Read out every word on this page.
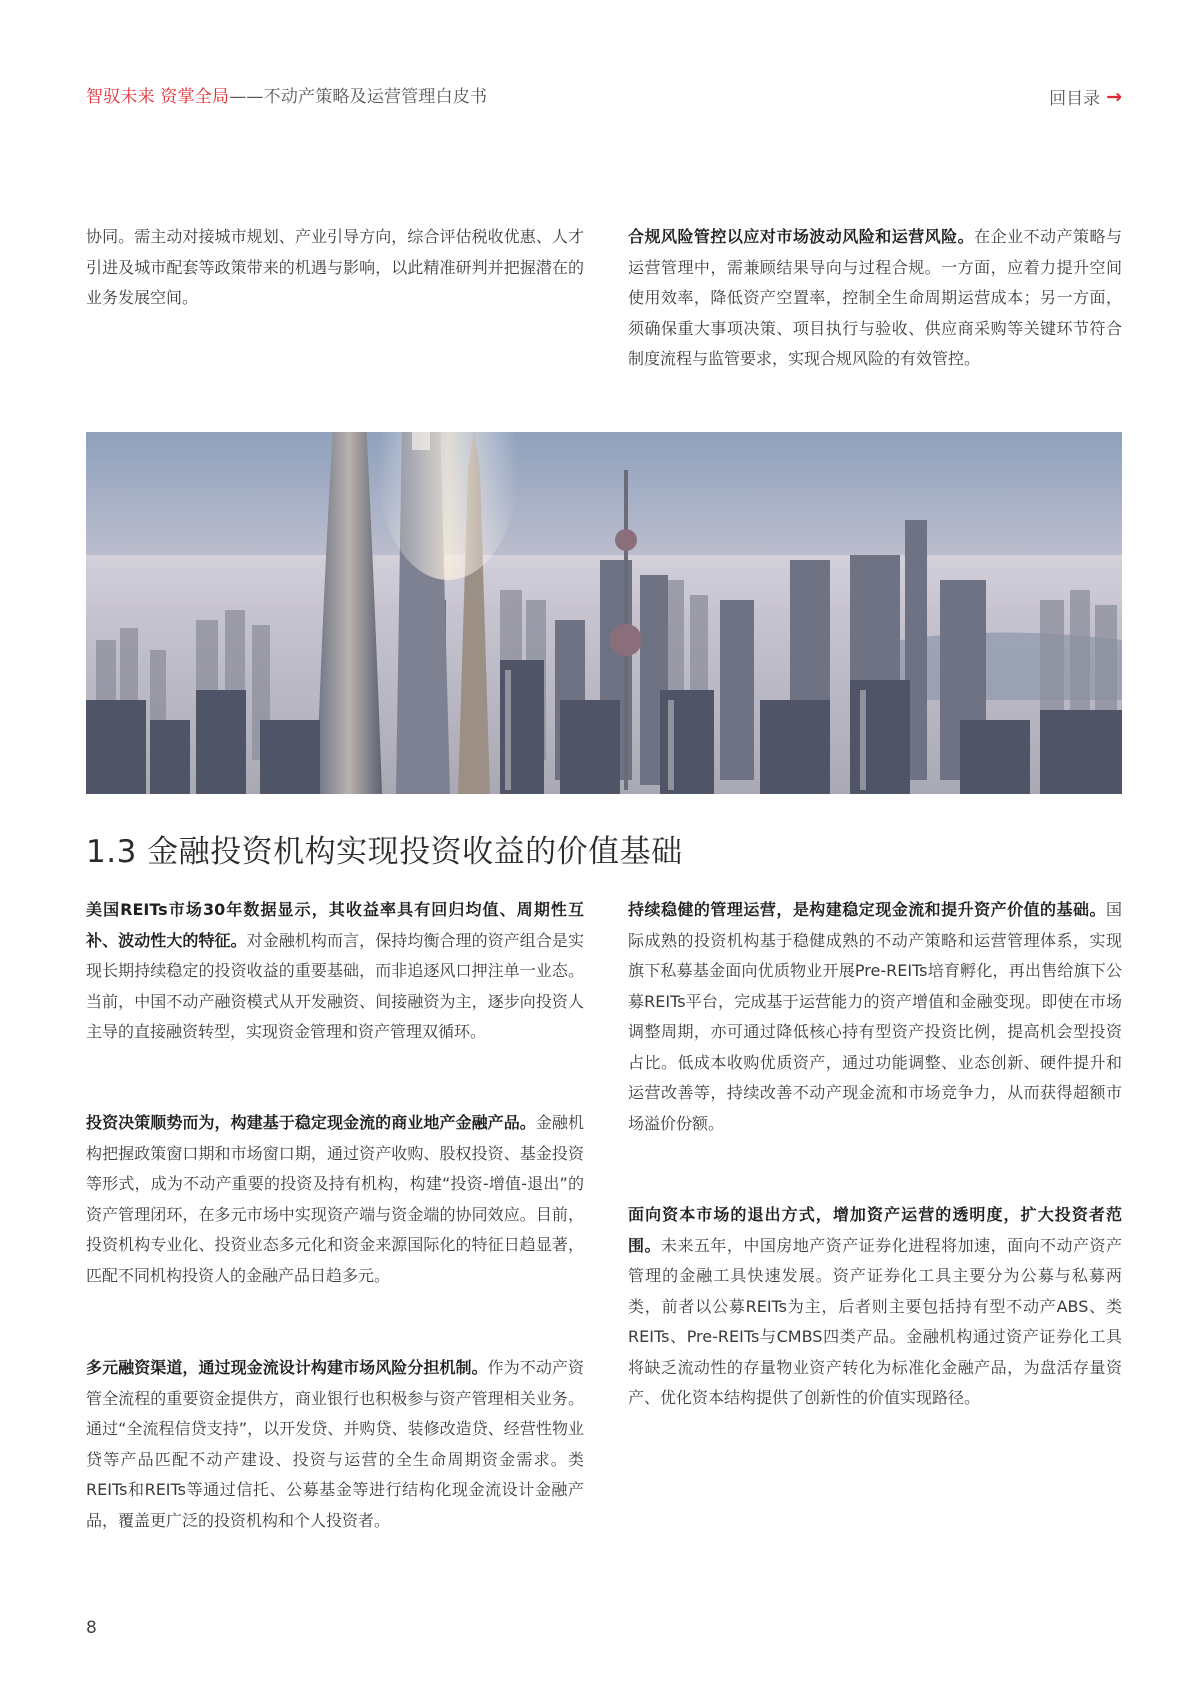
智驭未来 资掌全局——不动产策略及运营管理白皮书	回目录 →

协同。需主动对接城市规划、产业引导方向，综合评估税收优惠、人才引进及城市配套等政策带来的机遇与影响，以此精准研判并把握潜在的业务发展空间。

合规风险管控以应对市场波动风险和运营风险。在企业不动产策略与运营管理中，需兼顾结果导向与过程合规。一方面，应着力提升空间使用效率，降低资产空置率，控制全生命周期运营成本；另一方面，须确保重大事项决策、项目执行与验收、供应商采购等关键环节符合制度流程与监管要求，实现合规风险的有效管控。

1.3 金融投资机构实现投资收益的价值基础

美国REITs市场30年数据显示，其收益率具有回归均值、周期性互补、波动性大的特征。对金融机构而言，保持均衡合理的资产组合是实现长期持续稳定的投资收益的重要基础，而非追逐风口押注单一业态。当前，中国不动产融资模式从开发融资、间接融资为主，逐步向投资人主导的直接融资转型，实现资金管理和资产管理双循环。

投资决策顺势而为，构建基于稳定现金流的商业地产金融产品。金融机构把握政策窗口期和市场窗口期，通过资产收购、股权投资、基金投资等形式，成为不动产重要的投资及持有机构，构建“投资-增值-退出”的资产管理闭环，在多元市场中实现资产端与资金端的协同效应。目前，投资机构专业化、投资业态多元化和资金来源国际化的特征日趋显著，匹配不同机构投资人的金融产品日趋多元。

多元融资渠道，通过现金流设计构建市场风险分担机制。作为不动产资管全流程的重要资金提供方，商业银行也积极参与资产管理相关业务。通过“全流程信贷支持”，以开发贷、并购贷、装修改造贷、经营性物业贷等产品匹配不动产建设、投资与运营的全生命周期资金需求。类REITs和REITs等通过信托、公募基金等进行结构化现金流设计金融产品，覆盖更广泛的投资机构和个人投资者。

持续稳健的管理运营，是构建稳定现金流和提升资产价值的基础。国际成熟的投资机构基于稳健成熟的不动产策略和运营管理体系，实现旗下私募基金面向优质物业开展Pre-REITs培育孵化，再出售给旗下公募REITs平台，完成基于运营能力的资产增值和金融变现。即使在市场调整周期，亦可通过降低核心持有型资产投资比例，提高机会型投资占比。低成本收购优质资产，通过功能调整、业态创新、硬件提升和运营改善等，持续改善不动产现金流和市场竞争力，从而获得超额市场溢价份额。

面向资本市场的退出方式，增加资产运营的透明度，扩大投资者范围。未来五年，中国房地产资产证券化进程将加速，面向不动产资产管理的金融工具快速发展。资产证券化工具主要分为公募与私募两类，前者以公募REITs为主，后者则主要包括持有型不动产ABS、类REITs、Pre-REITs与CMBS四类产品。金融机构通过资产证券化工具将缺乏流动性的存量物业资产转化为标准化金融产品，为盘活存量资产、优化资本结构提供了创新性的价值实现路径。

8
